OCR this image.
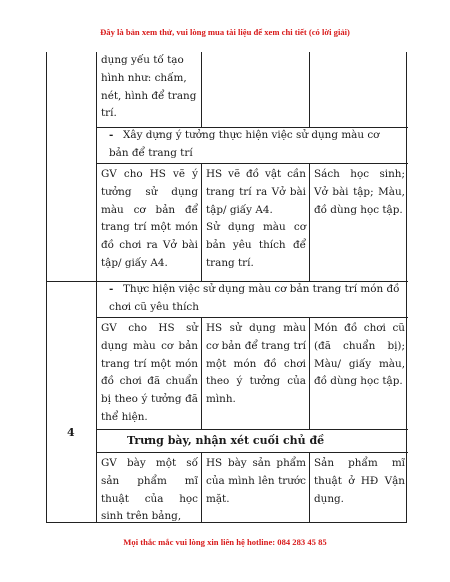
Đây là bản xem thử, vui lòng mua tài liệu để xem chi tiết (có lời giải)

dụng yếu tố tạo hình như: chấm, nét, hình để trang trí.

- Xây dựng ý tưởng thực hiện việc sử dụng màu cơ bản để trang trí

GV cho HS vẽ ý tưởng sử dụng màu cơ bản để trang trí một món đồ chơi ra Vở bài tập/ giấy A4.

HS vẽ đồ vật cần trang trí ra Vở bài tập/ giấy A4.

Sử dụng màu cơ bản yêu thích để trang trí.

Sách học sinh; Vở bài tập; Màu, đồ dùng học tập.

4
- Thực hiện việc sử dụng màu cơ bản trang trí món đồ chơi cũ yêu thích

GV cho HS sử dụng màu cơ bản trang trí một món đồ chơi đã chuẩn bị theo ý tưởng đã thể hiện.

HS sử dụng màu cơ bản để trang trí một món đồ chơi theo ý tưởng của mình.

Món đồ chơi cũ (đã chuẩn bị); Màu/ giấy màu, đồ dùng học tập.

Trưng bày, nhận xét cuối chủ đề

GV bày một số sản phẩm mĩ thuật của học sinh trên bảng,

HS bày sản phẩm của mình lên trước mặt.

Sản phẩm mĩ thuật ở HĐ Vận dụng.

Mọi thắc mắc vui lòng xin liên hệ hotline: 084 283 45 85
